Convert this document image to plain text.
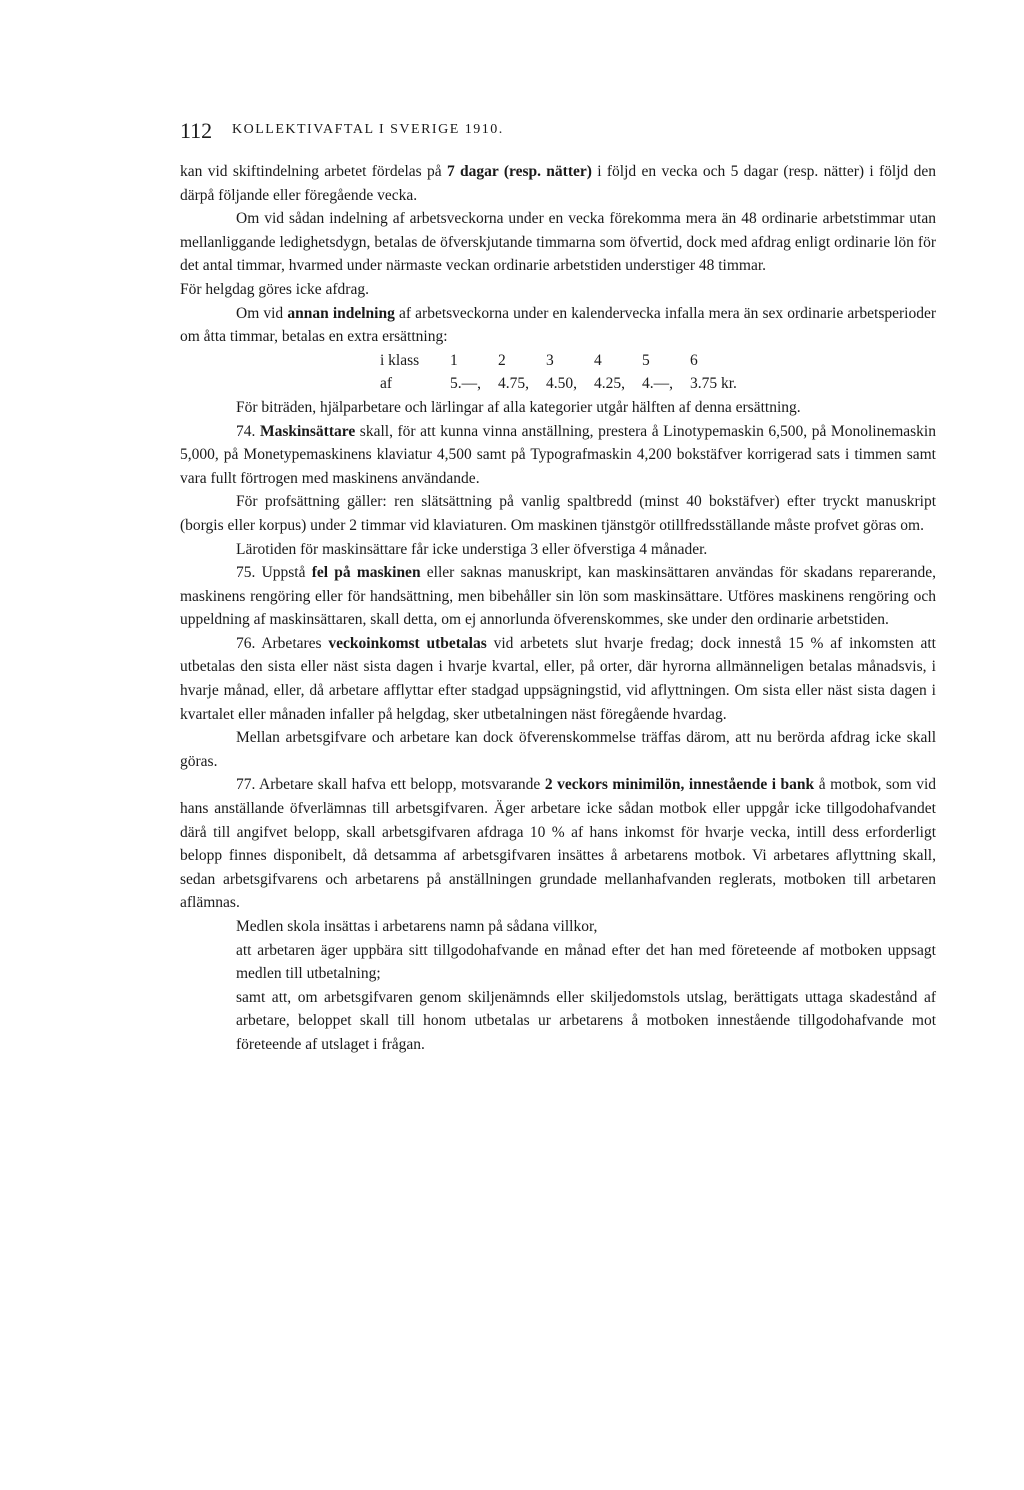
112 KOLLEKTIVAFTAL I SVERIGE 1910.

kan vid skiftindelning arbetet fördelas på 7 dagar (resp. nätter) i följd en vecka och 5 dagar (resp. nätter) i följd den därpå följande eller föregående vecka.

Om vid sådan indelning af arbetsveckorna under en vecka förekomma mera än 48 ordinarie arbetstimmar utan mellanliggande ledighetsdygn, betalas de öfverskjutande timmarna som öfvertid, dock med afdrag enligt ordinarie lön för det antal timmar, hvarmed under närmaste veckan ordinarie arbetstiden understiger 48 timmar.

För helgdag göres icke afdrag.

Om vid annan indelning af arbetsveckorna under en kalendervecka infalla mera än sex ordinarie arbetsperioder om åtta timmar, betalas en extra ersättning:

i klass	1	2	3	4	5	6
af	5.—,	4.75,	4.50,	4.25,	4.—,	3.75 kr.

För biträden, hjälparbetare och lärlingar af alla kategorier utgår hälften af denna ersättning.

74. Maskinsättare skall, för att kunna vinna anställning, prestera å Linotypemaskin 6,500, på Monolinemaskin 5,000, på Monetypemaskinens klaviatur 4,500 samt på Typografmaskin 4,200 bokstäfver korrigerad sats i timmen samt vara fullt förtrogen med maskinens användande.

För profsättning gäller: ren slätsättning på vanlig spaltbredd (minst 40 bokstäfver) efter tryckt manuskript (borgis eller korpus) under 2 timmar vid klaviaturen. Om maskinen tjänstgör otillfredsställande måste profvet göras om.

Lärotiden för maskinsättare får icke understiga 3 eller öfverstiga 4 månader.

75. Uppstå fel på maskinen eller saknas manuskript, kan maskinsättaren användas för skadans reparerande, maskinens rengöring eller för handsättning, men bibehåller sin lön som maskinsättare. Utföres maskinens rengöring och uppeldning af maskinsättaren, skall detta, om ej annorlunda öfverenskommes, ske under den ordinarie arbetstiden.

76. Arbetares veckoinkomst utbetalas vid arbetets slut hvarje fredag; dock innestå 15 % af inkomsten att utbetalas den sista eller näst sista dagen i hvarje kvartal, eller, på orter, där hyrorna allmänneligen betalas månadsvis, i hvarje månad, eller, då arbetare afflyttar efter stadgad uppsägningstid, vid aflyttningen. Om sista eller näst sista dagen i kvartalet eller månaden infaller på helgdag, sker utbetalningen näst föregående hvardag.

Mellan arbetsgifvare och arbetare kan dock öfverenskommelse träffas därom, att nu berörda afdrag icke skall göras.

77. Arbetare skall hafva ett belopp, motsvarande 2 veckors minimilön, innestående i bank å motbok, som vid hans anställande öfverlämnas till arbetsgifvaren. Äger arbetare icke sådan motbok eller uppgår icke tillgodohafvandet därå till angifvet belopp, skall arbetsgifvaren afdraga 10 % af hans inkomst för hvarje vecka, intill dess erforderligt belopp finnes disponibelt, då detsamma af arbetsgifvaren insättes å arbetarens motbok. Vi arbetares aflyttning skall, sedan arbetsgifvarens och arbetarens på anställningen grundade mellanhafvanden reglerats, motboken till arbetaren aflämnas.

Medlen skola insättas i arbetarens namn på sådana villkor,

att arbetaren äger uppbära sitt tillgodohafvande en månad efter det han med företeende af motboken uppsagt medlen till utbetalning;

samt att, om arbetsgifvaren genom skiljenämnds eller skiljedomstols utslag, berättigats uttaga skadestånd af arbetare, beloppet skall till honom utbetalas ur arbetarens å motboken innestående tillgodohafvande mot företeende af utslaget i frågan.
